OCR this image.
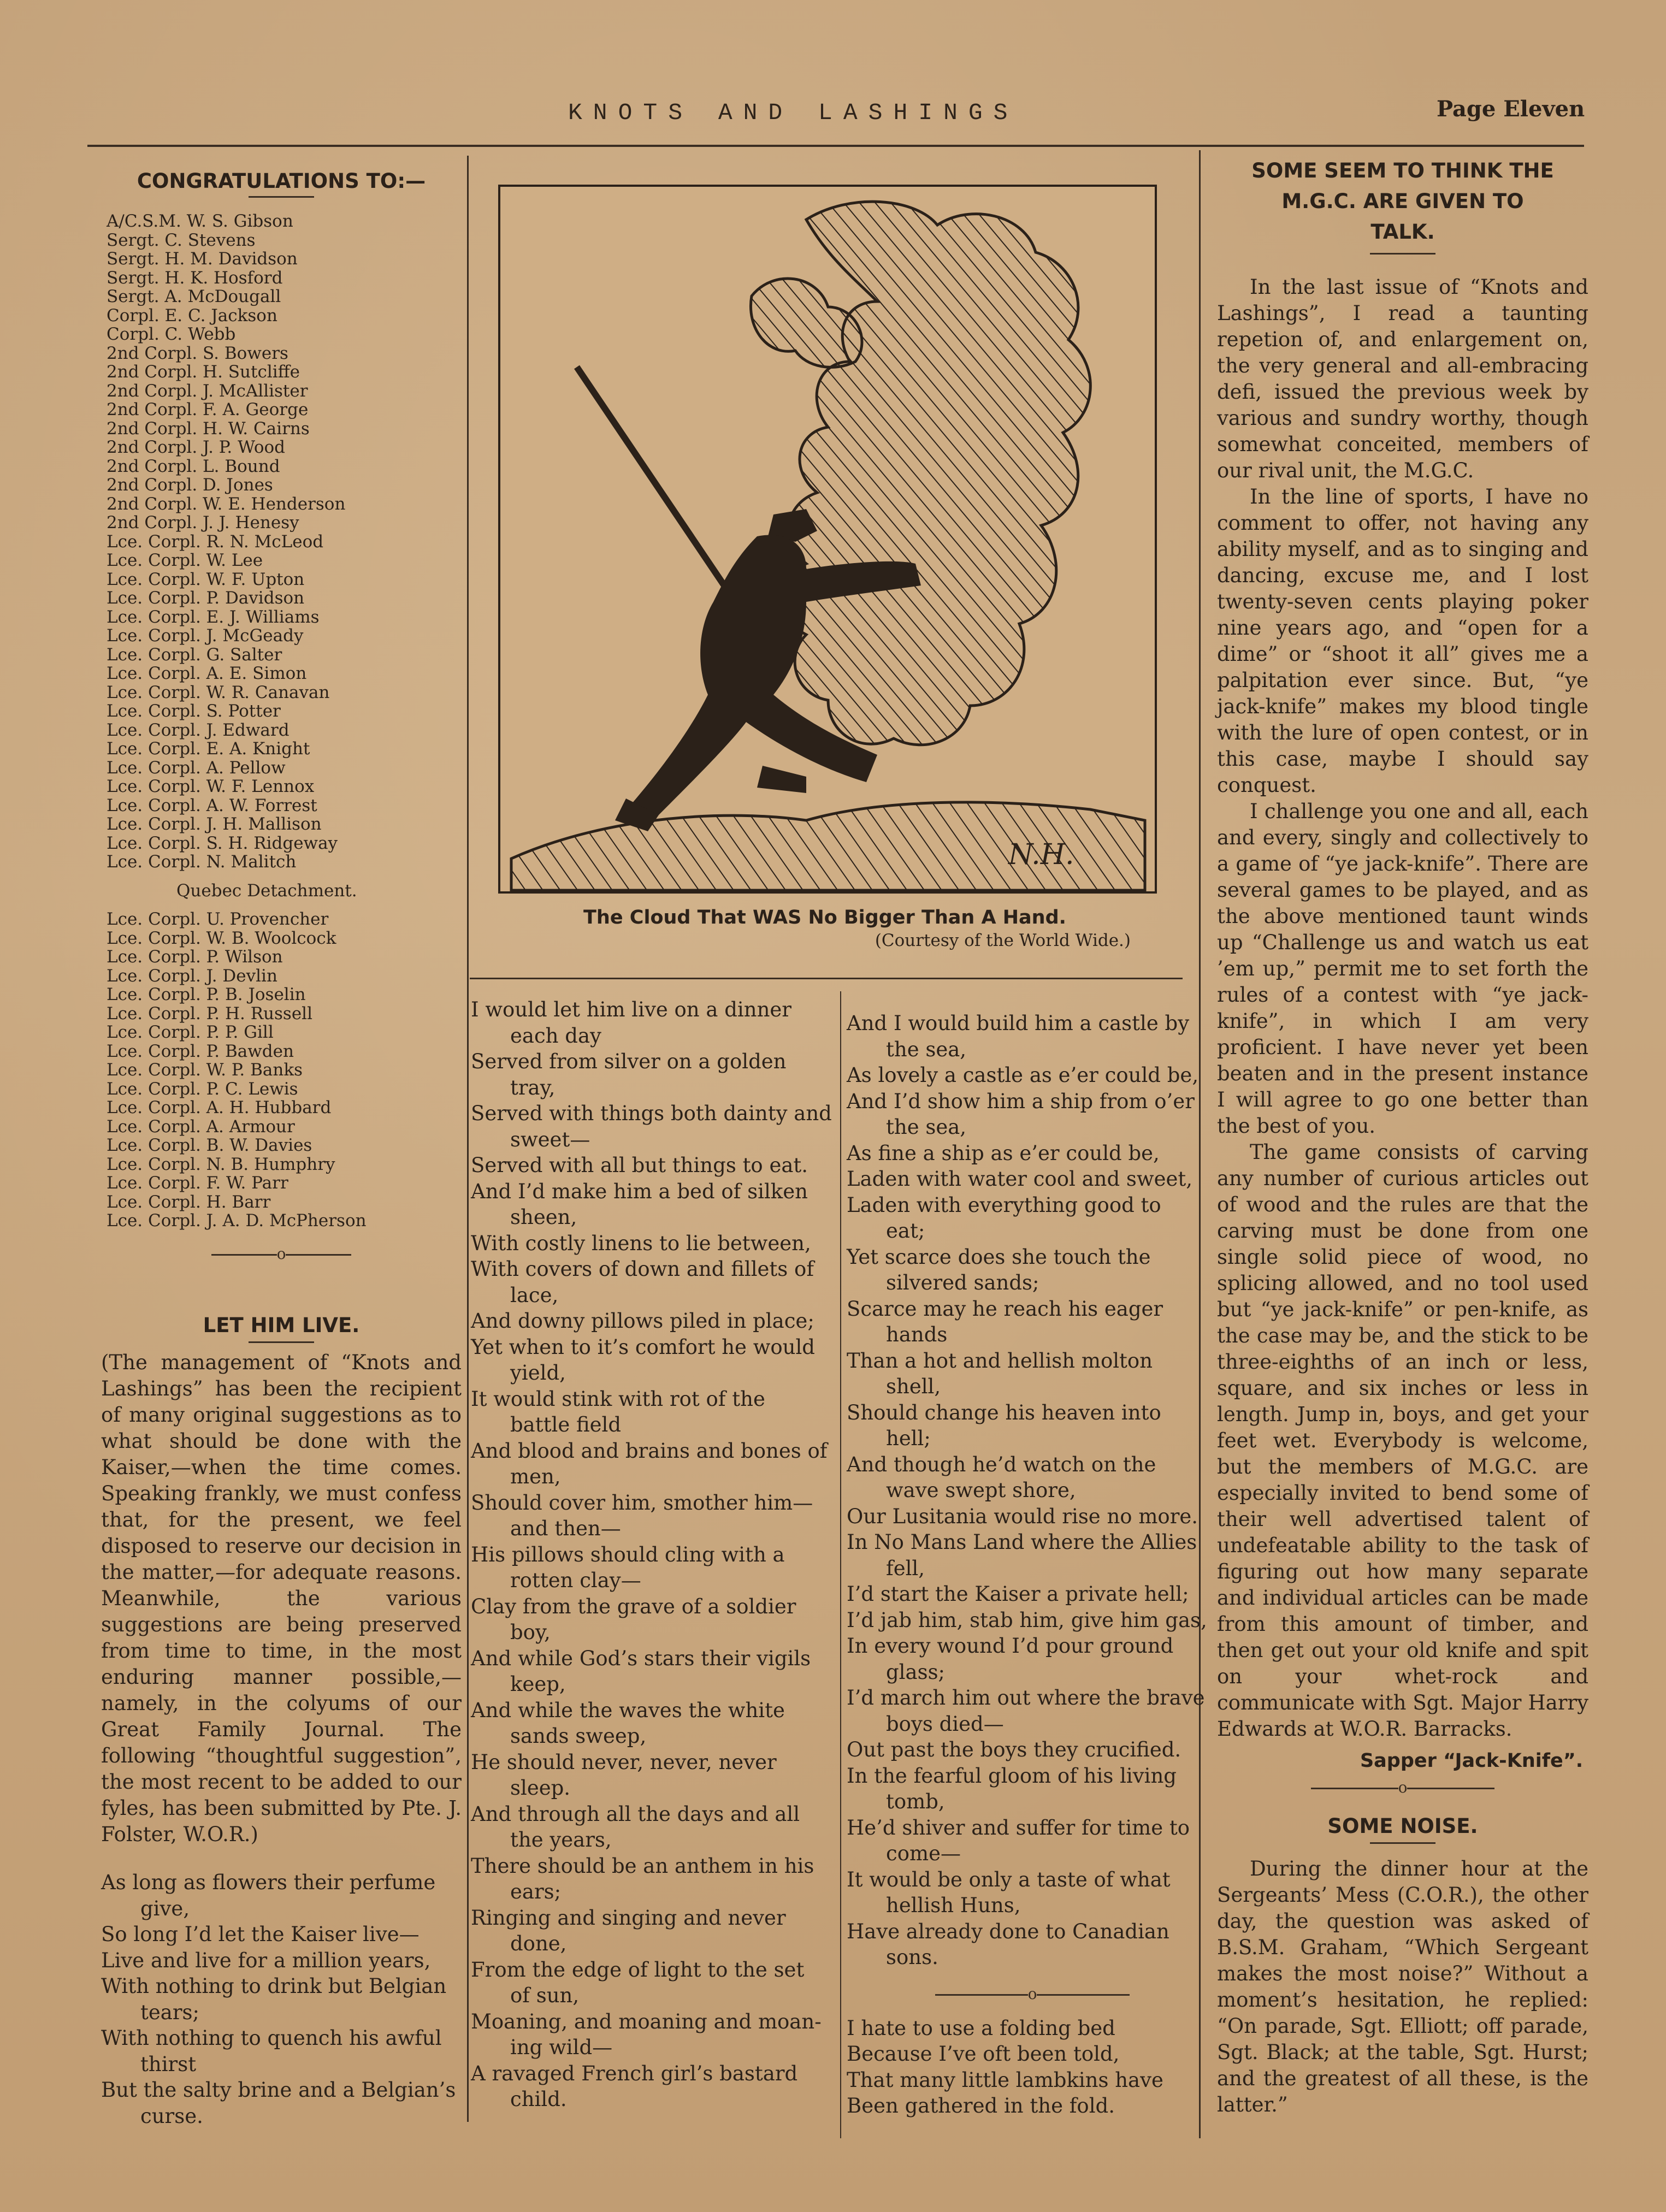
KNOTS AND LASHINGS	Page Eleven
CONGRATULATIONS TO:—
A/C.S.M. W. S. Gibson
Sergt. C. Stevens
Sergt. H. M. Davidson
Sergt. H. K. Hosford
Sergt. A. McDougall
Corpl. E. C. Jackson
Corpl. C. Webb
2nd Corpl. S. Bowers
2nd Corpl. H. Sutcliffe
2nd Corpl. J. McAllister
2nd Corpl. F. A. George
2nd Corpl. H. W. Cairns
2nd Corpl. J. P. Wood
2nd Corpl. L. Bound
2nd Corpl. D. Jones
2nd Corpl. W. E. Henderson
2nd Corpl. J. J. Henesy
Lce. Corpl. R. N. McLeod
Lce. Corpl. W. Lee
Lce. Corpl. W. F. Upton
Lce. Corpl. P. Davidson
Lce. Corpl. E. J. Williams
Lce. Corpl. J. McGeady
Lce. Corpl. G. Salter
Lce. Corpl. A. E. Simon
Lce. Corpl. W. R. Canavan
Lce. Corpl. S. Potter
Lce. Corpl. J. Edward
Lce. Corpl. E. A. Knight
Lce. Corpl. A. Pellow
Lce. Corpl. W. F. Lennox
Lce. Corpl. A. W. Forrest
Lce. Corpl. J. H. Mallison
Lce. Corpl. S. H. Ridgeway
Lce. Corpl. N. Malitch
Quebec Detachment.
Lce. Corpl. U. Provencher
Lce. Corpl. W. B. Woolcock
Lce. Corpl. P. Wilson
Lce. Corpl. J. Devlin
Lce. Corpl. P. B. Joselin
Lce. Corpl. P. H. Russell
Lce. Corpl. P. P. Gill
Lce. Corpl. P. Bawden
Lce. Corpl. W. P. Banks
Lce. Corpl. P. C. Lewis
Lce. Corpl. A. H. Hubbard
Lce. Corpl. A. Armour
Lce. Corpl. B. W. Davies
Lce. Corpl. N. B. Humphry
Lce. Corpl. F. W. Parr
Lce. Corpl. H. Barr
Lce. Corpl. J. A. D. McPherson
o
LET HIM LIVE.

(The management of “Knots and Lashings” has been the recipient of many original suggestions as to what should be done with the Kaiser,—when the time comes. Speaking frankly, we must confess that, for the present, we feel disposed to reserve our decision in the matter,—for adequate reasons. Meanwhile, the various suggestions are being preserved from time to time, in the most enduring manner possible,—namely, in the colyums of our Great Family Journal. The following “thoughtful suggestion”, the most recent to be added to our fyles, has been submitted by Pte. J. Folster, W.O.R.)

As long as flowers their perfume
give,
So long I’d let the Kaiser live—
Live and live for a million years,
With nothing to drink but Belgian
tears;
With nothing to quench his awful
thirst
But the salty brine and a Belgian’s
curse.
N.H.
The Cloud That WAS No Bigger Than A Hand.
(Courtesy of the World Wide.)
I would let him live on a dinner
each day
Served from silver on a golden
tray,
Served with things both dainty and
sweet—
Served with all but things to eat.
And I’d make him a bed of silken
sheen,
With costly linens to lie between,
With covers of down and fillets of
lace,
And downy pillows piled in place;
Yet when to it’s comfort he would
yield,
It would stink with rot of the
battle field
And blood and brains and bones of
men,
Should cover him, smother him—
and then—
His pillows should cling with a
rotten clay—
Clay from the grave of a soldier
boy,
And while God’s stars their vigils
keep,
And while the waves the white
sands sweep,
He should never, never, never
sleep.
And through all the days and all
the years,
There should be an anthem in his
ears;
Ringing and singing and never
done,
From the edge of light to the set
of sun,
Moaning, and moaning and moan-
ing wild—
A ravaged French girl’s bastard
child.
And I would build him a castle by
the sea,
As lovely a castle as e’er could be,
And I’d show him a ship from o’er
the sea,
As fine a ship as e’er could be,
Laden with water cool and sweet,
Laden with everything good to
eat;
Yet scarce does she touch the
silvered sands;
Scarce may he reach his eager
hands
Than a hot and hellish molton
shell,
Should change his heaven into
hell;
And though he’d watch on the
wave swept shore,
Our Lusitania would rise no more.
In No Mans Land where the Allies
fell,
I’d start the Kaiser a private hell;
I’d jab him, stab him, give him gas,
In every wound I’d pour ground
glass;
I’d march him out where the brave
boys died—
Out past the boys they crucified.
In the fearful gloom of his living
tomb,
He’d shiver and suffer for time to
come—
It would be only a taste of what
hellish Huns,
Have already done to Canadian
sons.
o
I hate to use a folding bed
Because I’ve oft been told,
That many little lambkins have
Been gathered in the fold.
SOME SEEM TO THINK THE
M.G.C. ARE GIVEN TO
TALK.

In the last issue of “Knots and Lashings”, I read a taunting repetion of, and enlargement on, the very general and all-embracing defi, issued the previous week by various and sundry worthy, though somewhat conceited, members of our rival unit, the M.G.C.

In the line of sports, I have no comment to offer, not having any ability myself, and as to singing and dancing, excuse me, and I lost twenty-seven cents playing poker nine years ago, and “open for a dime” or “shoot it all” gives me a palpitation ever since. But, “ye jack-knife” makes my blood tingle with the lure of open contest, or in this case, maybe I should say conquest.

I challenge you one and all, each and every, singly and collectively to a game of “ye jack-knife”. There are several games to be played, and as the above mentioned taunt winds up “Challenge us and watch us eat ’em up,” permit me to set forth the rules of a contest with “ye jack-knife”, in which I am very proficient. I have never yet been beaten and in the present instance I will agree to go one better than the best of you.

The game consists of carving any number of curious articles out of wood and the rules are that the carving must be done from one single solid piece of wood, no splicing allowed, and no tool used but “ye jack-knife” or pen-knife, as the case may be, and the stick to be three-eighths of an inch or less, square, and six inches or less in length. Jump in, boys, and get your feet wet. Everybody is welcome, but the members of M.G.C. are especially invited to bend some of their well advertised talent of undefeatable ability to the task of figuring out how many separate and individual articles can be made from this amount of timber, and then get out your old knife and spit on your whet-rock and communicate with Sgt. Major Harry Edwards at W.O.R. Barracks.

Sapper “Jack-Knife”.
o
SOME NOISE.

During the dinner hour at the Sergeants’ Mess (C.O.R.), the other day, the question was asked of B.S.M. Graham, “Which Sergeant makes the most noise?” Without a moment’s hesitation, he replied: “On parade, Sgt. Elliott; off parade, Sgt. Black; at the table, Sgt. Hurst; and the greatest of all these, is the latter.”
